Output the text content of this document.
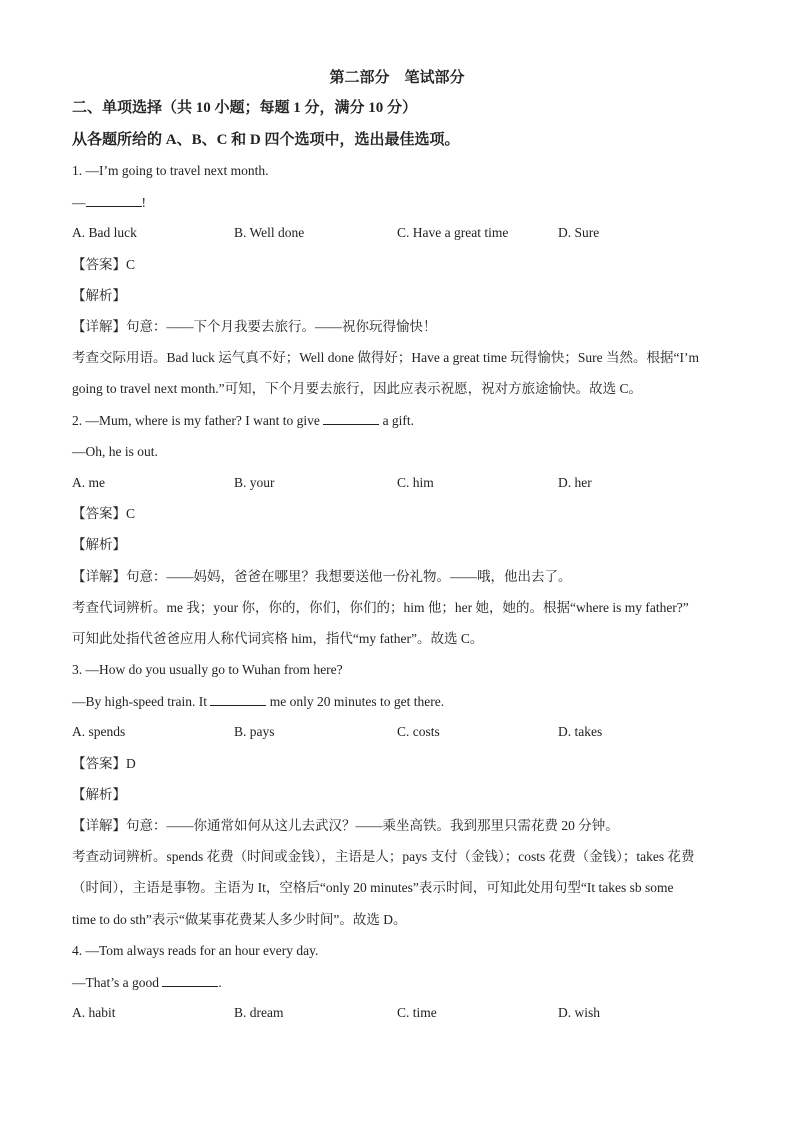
第二部分　笔试部分
二、单项选择（共 10 小题；每题 1 分，满分 10 分）
从各题所给的 A、B、C 和 D 四个选项中，选出最佳选项。
1. —I’m going to travel next month.
—	!
A. Bad luck	B. Well done	C. Have a great time	D. Sure
【答案】C
【解析】
【详解】句意：——下个月我要去旅行。——祝你玩得愉快！
考查交际用语。Bad luck 运气真不好；Well done 做得好；Have a great time 玩得愉快；Sure 当然。根据“I’m
going to travel next month.”可知，下个月要去旅行，因此应表示祝愿，祝对方旅途愉快。故选 C。
2. —Mum, where is my father? I want to give	a gift.
—Oh, he is out.
A. me	B. your	C. him	D. her
【答案】C
【解析】
【详解】句意：——妈妈，爸爸在哪里？我想要送他一份礼物。——哦，他出去了。
考查代词辨析。me 我；your 你，你的，你们，你们的；him 他；her 她，她的。根据“where is my father?”
可知此处指代爸爸应用人称代词宾格 him，指代“my father”。故选 C。
3. —How do you usually go to Wuhan from here?
—By high-speed train. It	me only 20 minutes to get there.
A. spends	B. pays	C. costs	D. takes
【答案】D
【解析】
【详解】句意：——你通常如何从这儿去武汉？——乘坐高铁。我到那里只需花费 20 分钟。
考查动词辨析。spends 花费（时间或金钱），主语是人；pays 支付（金钱）；costs 花费（金钱）；takes 花费
（时间），主语是事物。主语为 It，空格后“only 20 minutes”表示时间，可知此处用句型“It takes sb some
time to do sth”表示“做某事花费某人多少时间”。故选 D。
4. —Tom always reads for an hour every day.
—That’s a good	.
A. habit	B. dream	C. time	D. wish
